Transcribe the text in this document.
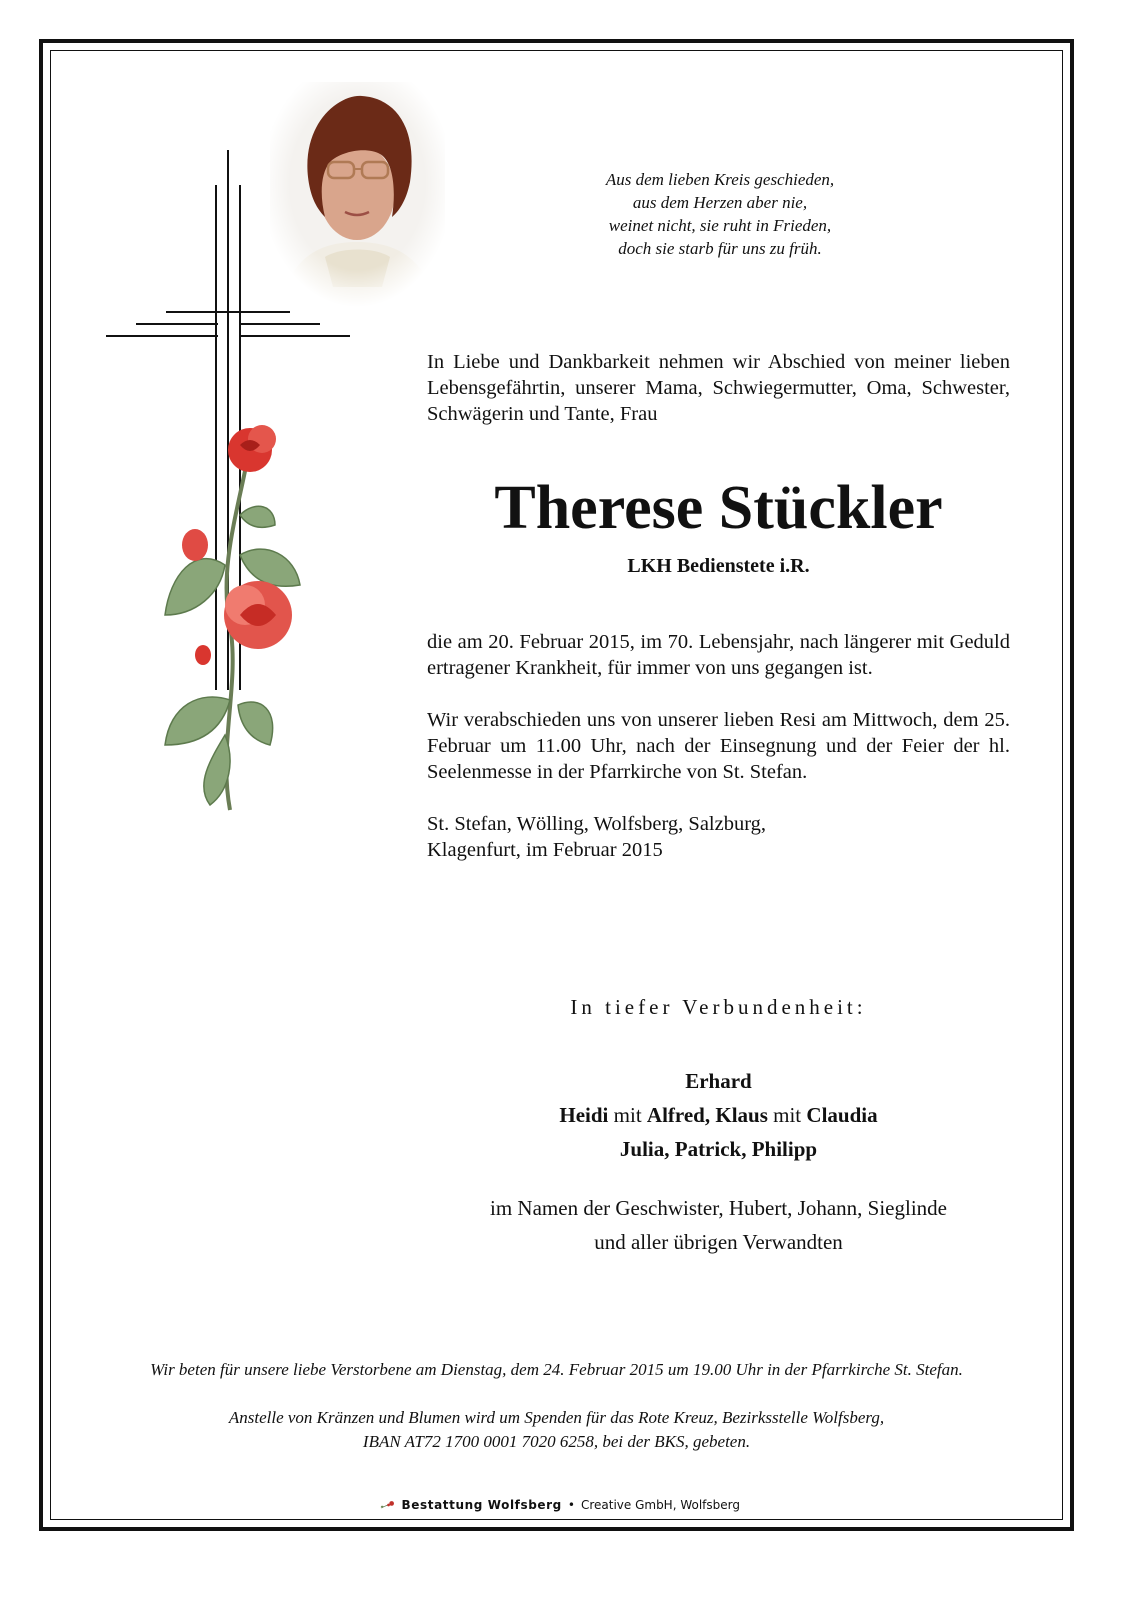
Aus dem lieben Kreis geschieden,
aus dem Herzen aber nie,
weinet nicht, sie ruht in Frieden,
doch sie starb für uns zu früh.
In Liebe und Dankbarkeit nehmen wir Abschied von meiner lieben Lebensgefährtin, unserer Mama, Schwiegermutter, Oma, Schwester, Schwägerin und Tante, Frau
Therese Stückler
LKH Bedienstete i.R.
die am 20. Februar 2015, im 70. Lebensjahr, nach längerer mit Geduld ertragener Krankheit, für immer von uns gegangen ist.
Wir verabschieden uns von unserer lieben Resi am Mittwoch, dem 25. Februar um 11.00 Uhr, nach der Einsegnung und der Feier der hl. Seelenmesse in der Pfarrkirche von St. Stefan.
St. Stefan, Wölling, Wolfsberg, Salzburg,
Klagenfurt, im Februar 2015
In tiefer Verbundenheit:
Erhard
Heidi mit Alfred, Klaus mit Claudia
Julia, Patrick, Philipp
im Namen der Geschwister, Hubert, Johann, Sieglinde
und aller übrigen Verwandten
Wir beten für unsere liebe Verstorbene am Dienstag, dem 24. Februar 2015 um 19.00 Uhr in der Pfarrkirche St. Stefan.
Anstelle von Kränzen und Blumen wird um Spenden für das Rote Kreuz, Bezirksstelle Wolfsberg,
IBAN AT72 1700 0001 7020 6258, bei der BKS, gebeten.
Bestattung Wolfsberg • Creative GmbH, Wolfsberg
